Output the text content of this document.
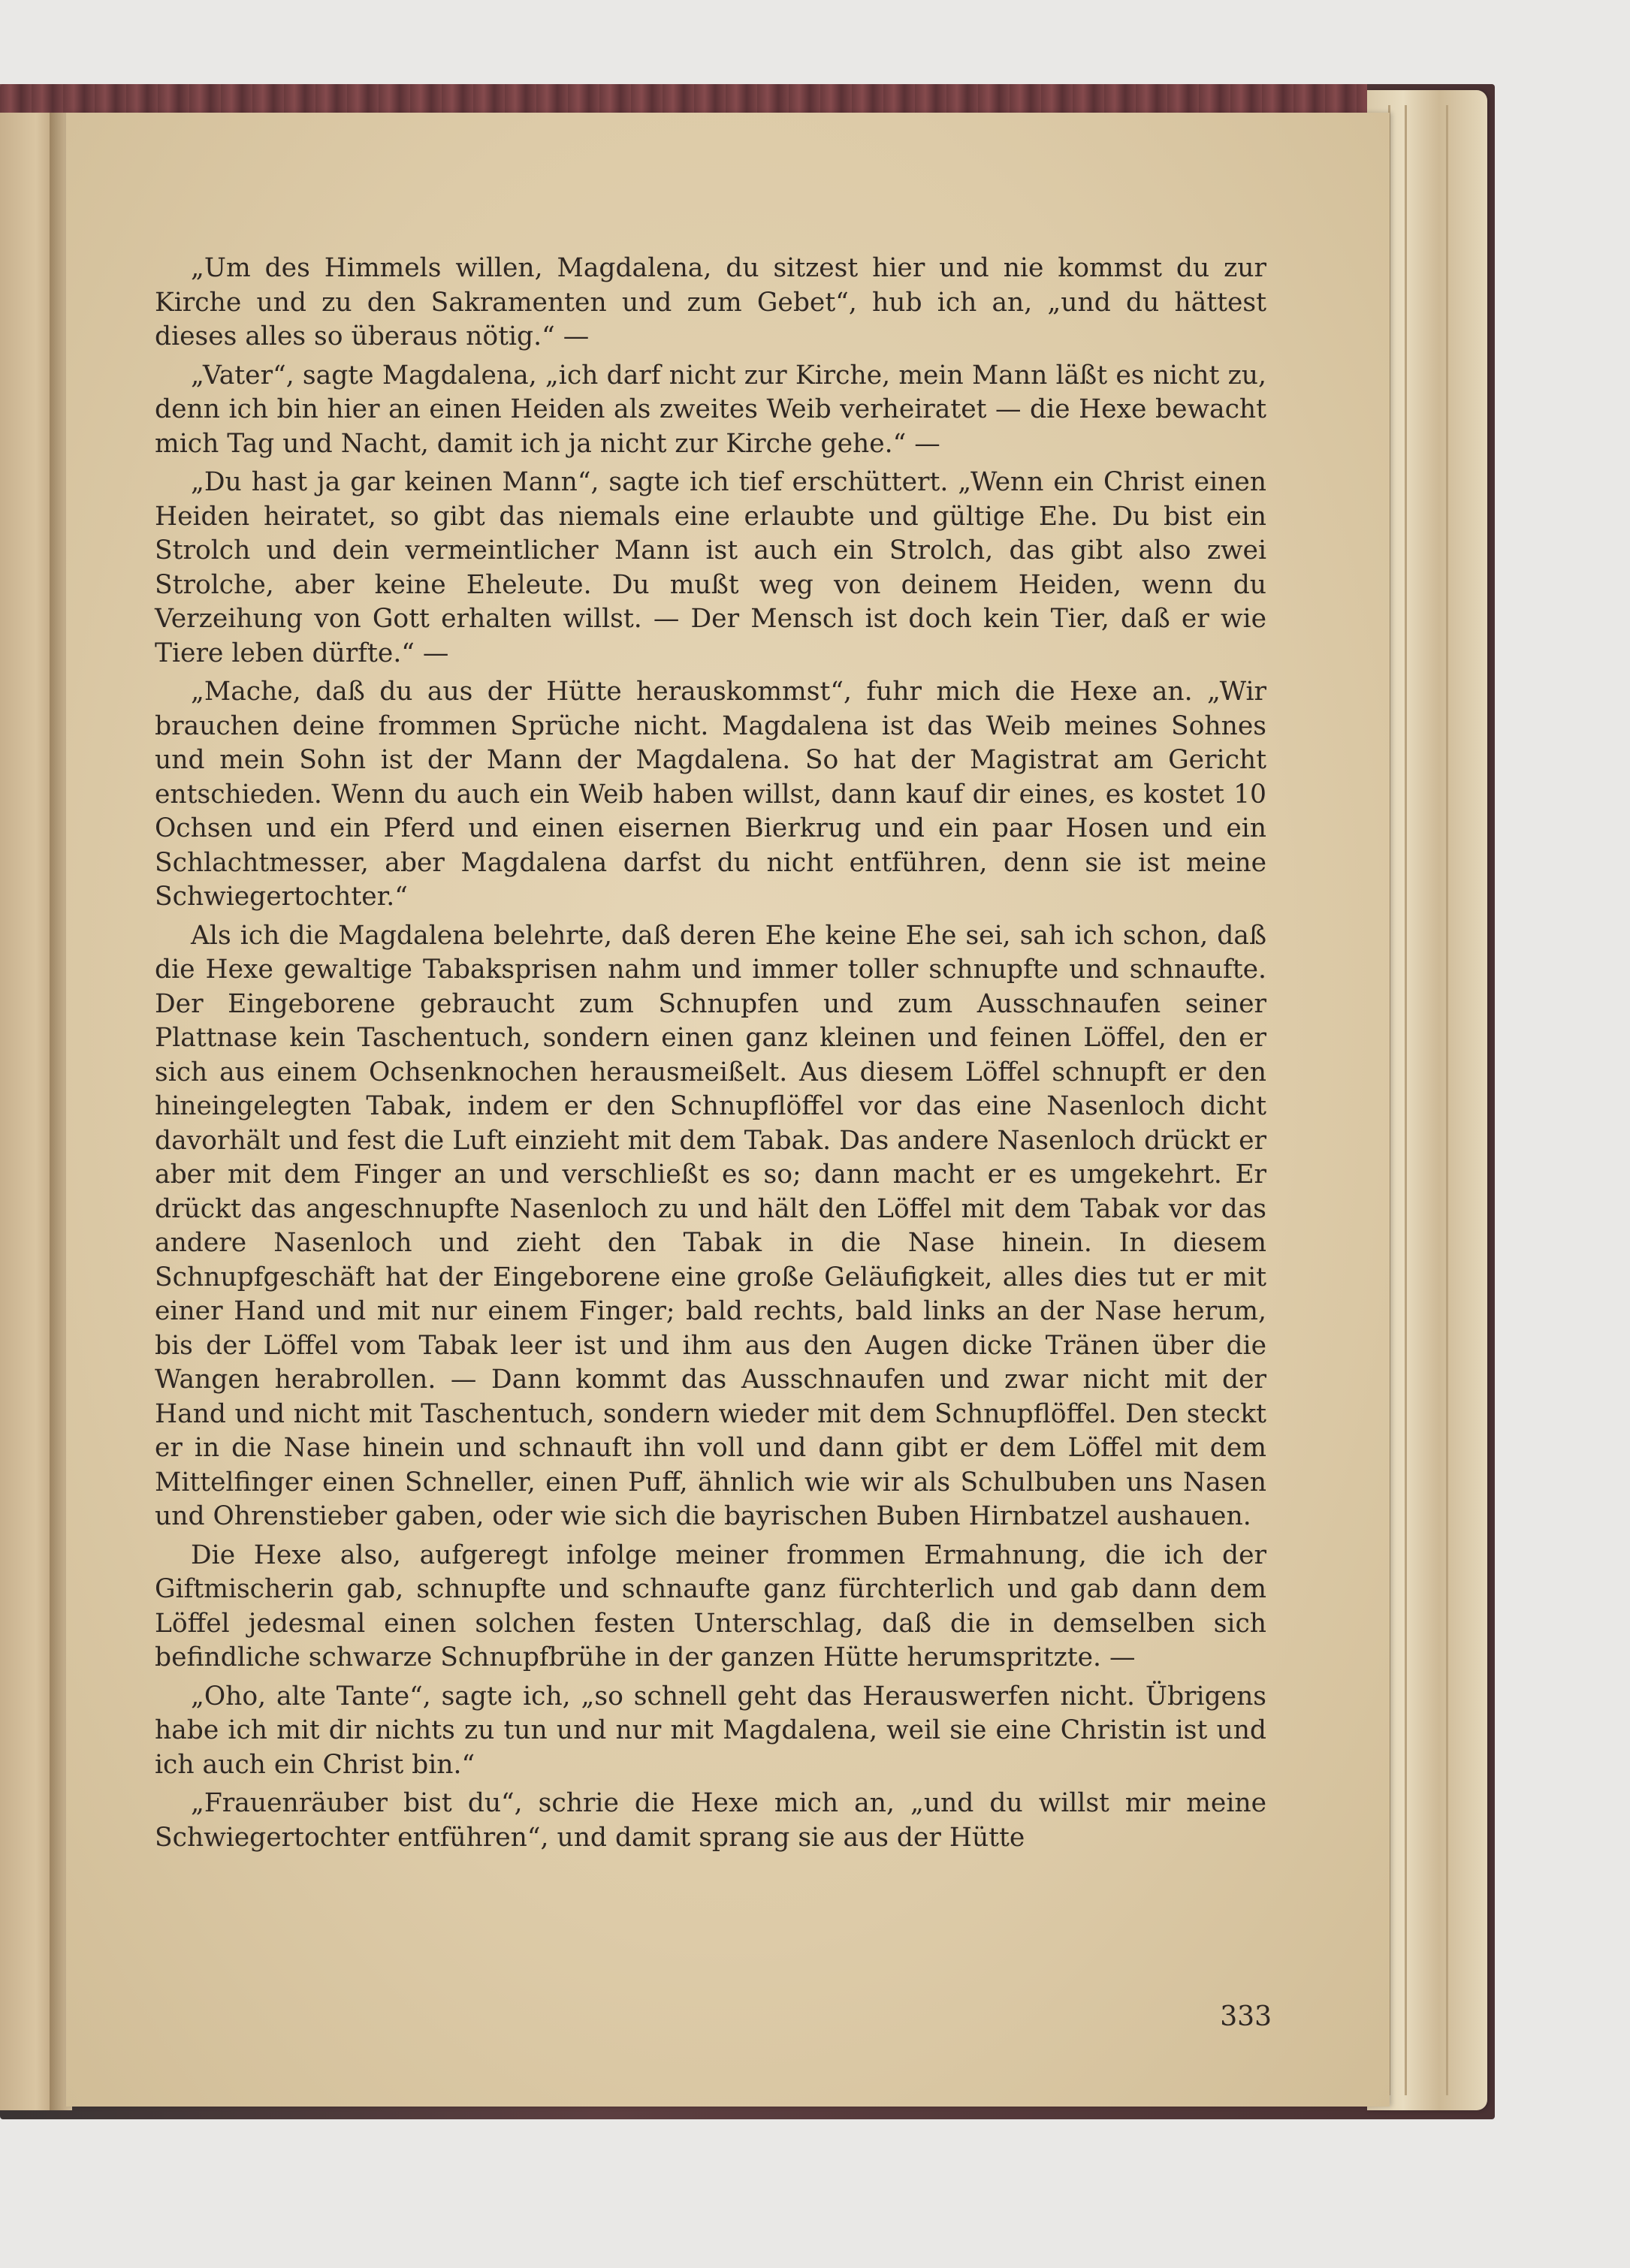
„Um des Himmels willen, Magdalena, du sitzest hier und nie kommst du zur Kirche und zu den Sakramenten und zum Gebet“, hub ich an, „und du hättest dieses alles so überaus nötig.“ —

„Vater“, sagte Magdalena, „ich darf nicht zur Kirche, mein Mann läßt es nicht zu, denn ich bin hier an einen Heiden als zweites Weib verheiratet — die Hexe bewacht mich Tag und Nacht, damit ich ja nicht zur Kirche gehe.“ —

„Du hast ja gar keinen Mann“, sagte ich tief erschüttert. „Wenn ein Christ einen Heiden heiratet, so gibt das niemals eine erlaubte und gültige Ehe. Du bist ein Strolch und dein vermeintlicher Mann ist auch ein Strolch, das gibt also zwei Strolche, aber keine Eheleute. Du mußt weg von deinem Heiden, wenn du Verzeihung von Gott erhalten willst. — Der Mensch ist doch kein Tier, daß er wie Tiere leben dürfte.“ —

„Mache, daß du aus der Hütte herauskommst“, fuhr mich die Hexe an. „Wir brauchen deine frommen Sprüche nicht. Magdalena ist das Weib meines Sohnes und mein Sohn ist der Mann der Magdalena. So hat der Magistrat am Gericht entschieden. Wenn du auch ein Weib haben willst, dann kauf dir eines, es kostet 10 Ochsen und ein Pferd und einen eisernen Bierkrug und ein paar Hosen und ein Schlachtmesser, aber Magdalena darfst du nicht entführen, denn sie ist meine Schwiegertochter.“

Als ich die Magdalena belehrte, daß deren Ehe keine Ehe sei, sah ich schon, daß die Hexe gewaltige Tabaksprisen nahm und immer toller schnupfte und schnaufte. Der Eingeborene gebraucht zum Schnupfen und zum Ausschnaufen seiner Plattnase kein Taschentuch, sondern einen ganz kleinen und feinen Löffel, den er sich aus einem Ochsenknochen herausmeißelt. Aus diesem Löffel schnupft er den hineingelegten Tabak, indem er den Schnupflöffel vor das eine Nasenloch dicht davorhält und fest die Luft einzieht mit dem Tabak. Das andere Nasenloch drückt er aber mit dem Finger an und verschließt es so; dann macht er es umgekehrt. Er drückt das angeschnupfte Nasenloch zu und hält den Löffel mit dem Tabak vor das andere Nasenloch und zieht den Tabak in die Nase hinein. In diesem Schnupfgeschäft hat der Eingeborene eine große Geläufigkeit, alles dies tut er mit einer Hand und mit nur einem Finger; bald rechts, bald links an der Nase herum, bis der Löffel vom Tabak leer ist und ihm aus den Augen dicke Tränen über die Wangen herabrollen. — Dann kommt das Ausschnaufen und zwar nicht mit der Hand und nicht mit Taschentuch, sondern wieder mit dem Schnupflöffel. Den steckt er in die Nase hinein und schnauft ihn voll und dann gibt er dem Löffel mit dem Mittelfinger einen Schneller, einen Puff, ähnlich wie wir als Schulbuben uns Nasen und Ohrenstieber gaben, oder wie sich die bayrischen Buben Hirnbatzel aushauen.

Die Hexe also, aufgeregt infolge meiner frommen Ermahnung, die ich der Giftmischerin gab, schnupfte und schnaufte ganz fürchterlich und gab dann dem Löffel jedesmal einen solchen festen Unterschlag, daß die in demselben sich befindliche schwarze Schnupfbrühe in der ganzen Hütte herumspritzte. —

„Oho, alte Tante“, sagte ich, „so schnell geht das Herauswerfen nicht. Übrigens habe ich mit dir nichts zu tun und nur mit Magdalena, weil sie eine Christin ist und ich auch ein Christ bin.“

„Frauenräuber bist du“, schrie die Hexe mich an, „und du willst mir meine Schwiegertochter entführen“, und damit sprang sie aus der Hütte

333
